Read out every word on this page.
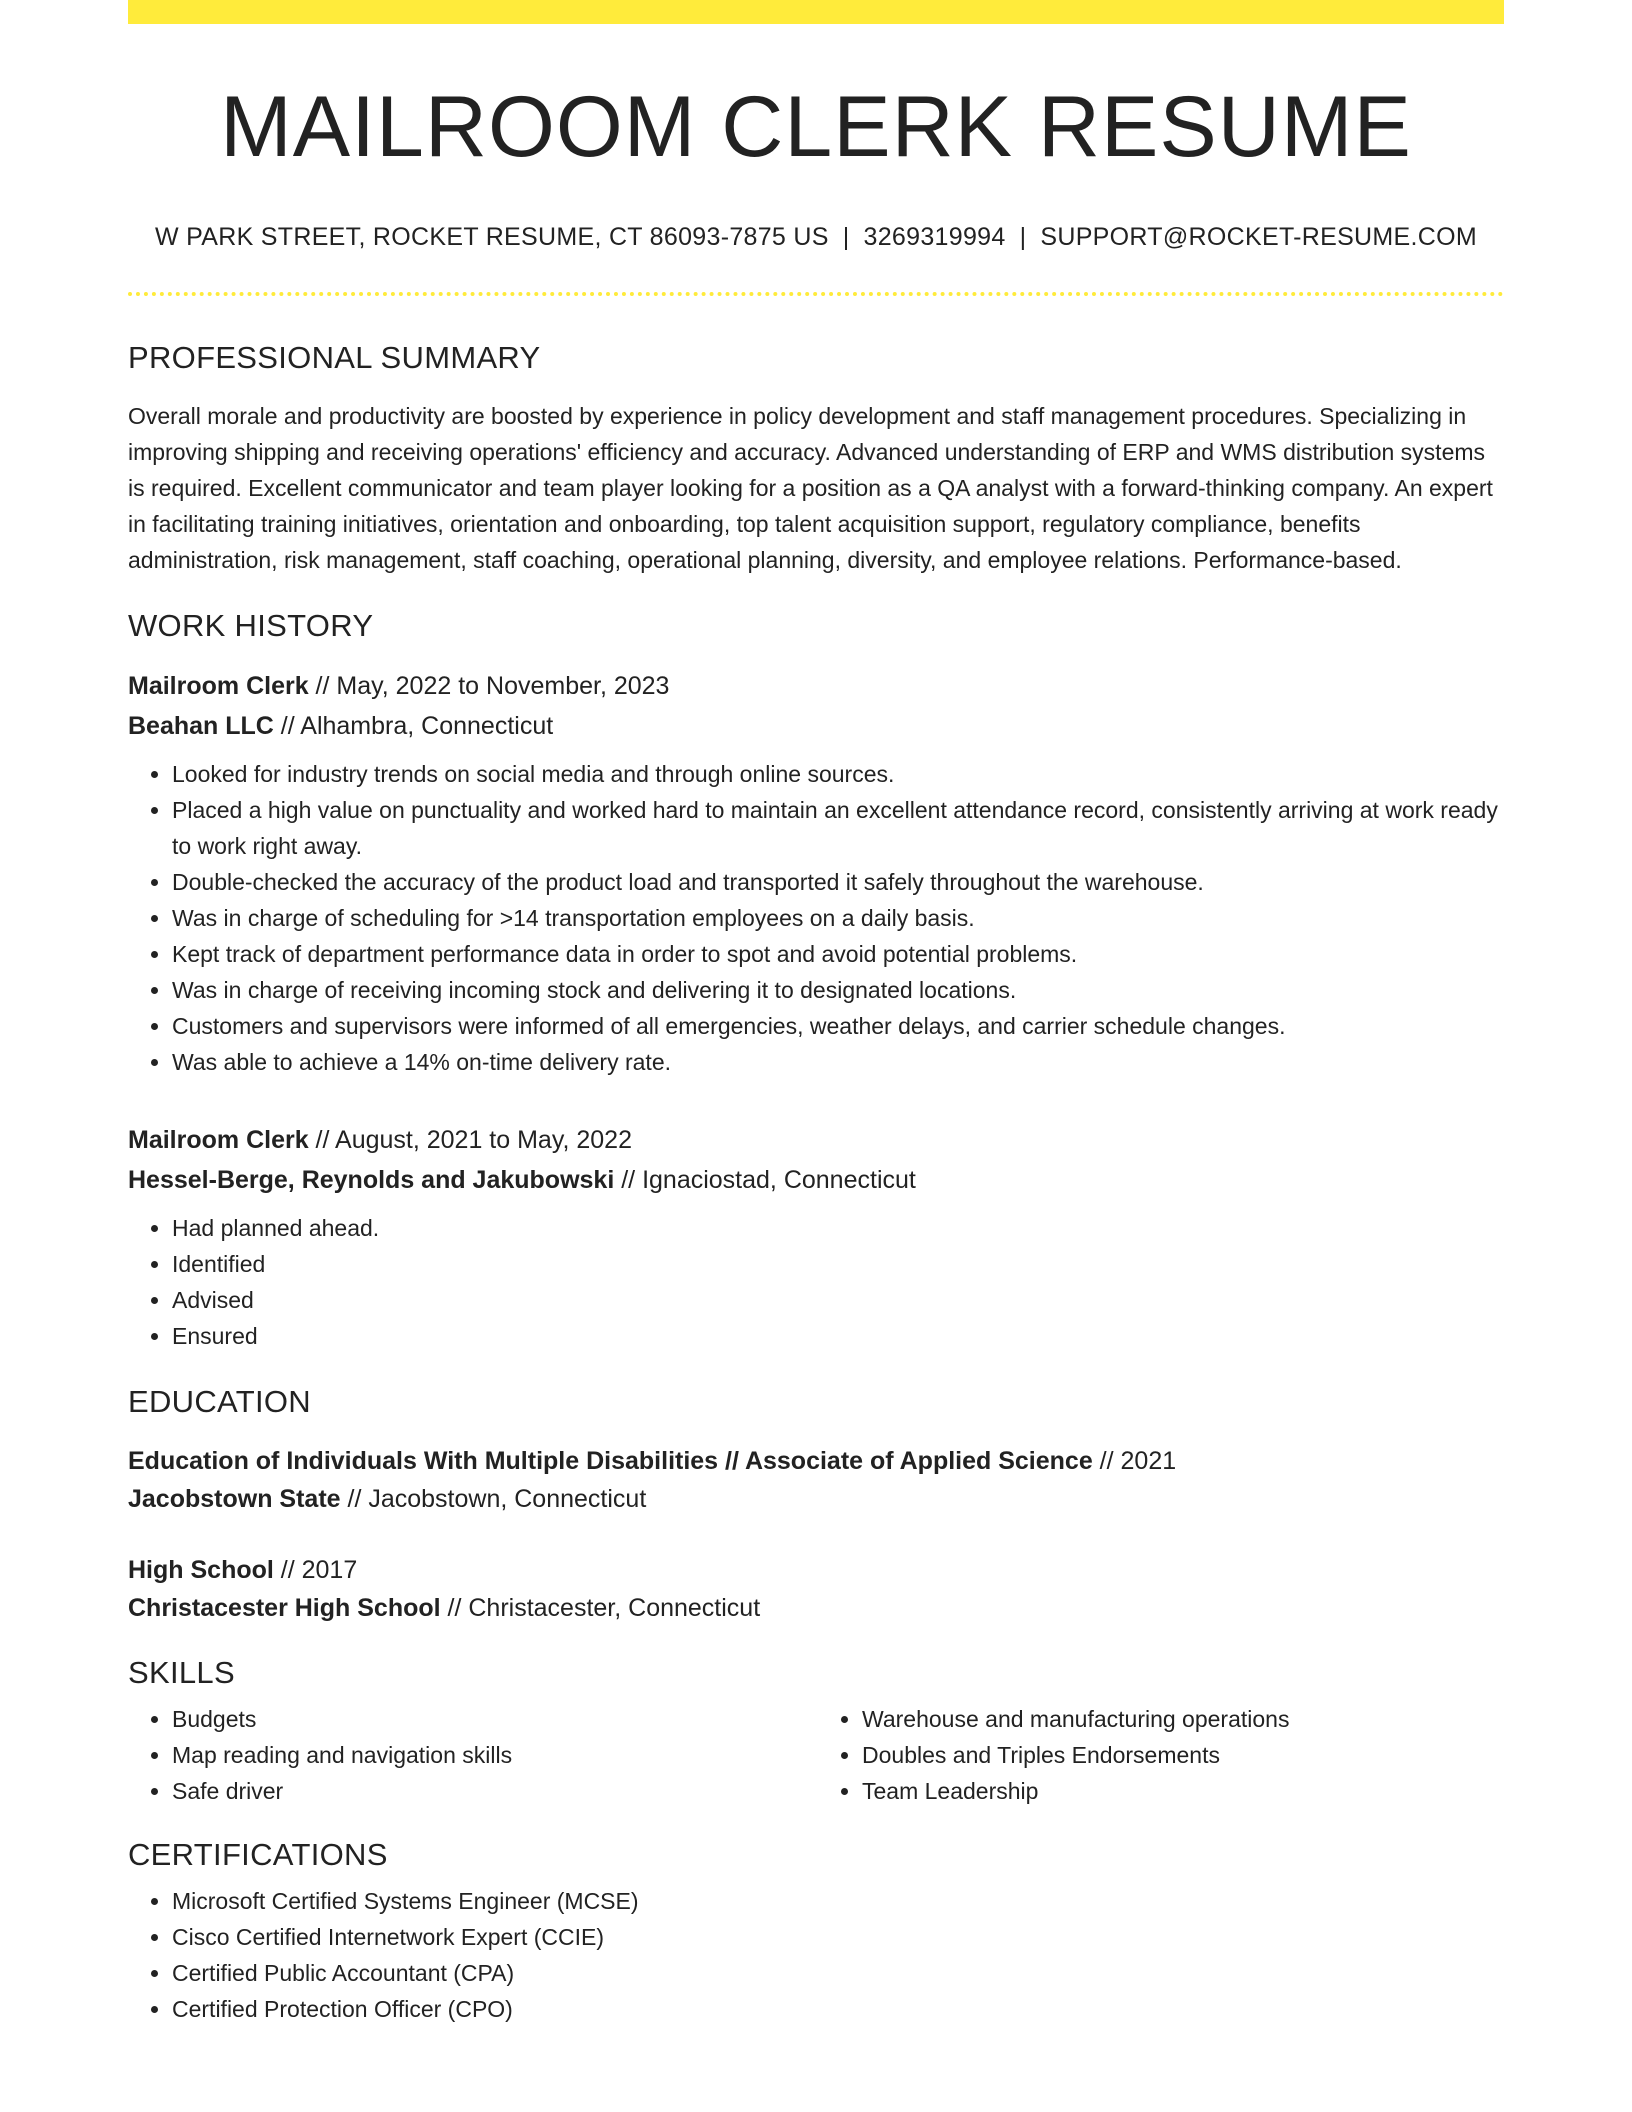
MAILROOM CLERK RESUME
W PARK STREET, ROCKET RESUME, CT 86093-7875 US | 3269319994 | SUPPORT@ROCKET-RESUME.COM
PROFESSIONAL SUMMARY

Overall morale and productivity are boosted by experience in policy development and staff management procedures. Specializing in improving shipping and receiving operations' efficiency and accuracy. Advanced understanding of ERP and WMS distribution systems is required. Excellent communicator and team player looking for a position as a QA analyst with a forward-thinking company. An expert in facilitating training initiatives, orientation and onboarding, top talent acquisition support, regulatory compliance, benefits administration, risk management, staff coaching, operational planning, diversity, and employee relations. Performance-based.

WORK HISTORY
Mailroom Clerk // May, 2022 to November, 2023
Beahan LLC // Alhambra, Connecticut
• Looked for industry trends on social media and through online sources.
• Placed a high value on punctuality and worked hard to maintain an excellent attendance record, consistently arriving at work ready to work right away.
• Double-checked the accuracy of the product load and transported it safely throughout the warehouse.
• Was in charge of scheduling for >14 transportation employees on a daily basis.
• Kept track of department performance data in order to spot and avoid potential problems.
• Was in charge of receiving incoming stock and delivering it to designated locations.
• Customers and supervisors were informed of all emergencies, weather delays, and carrier schedule changes.
• Was able to achieve a 14% on-time delivery rate.
Mailroom Clerk // August, 2021 to May, 2022
Hessel-Berge, Reynolds and Jakubowski // Ignaciostad, Connecticut
• Had planned ahead.
• Identified
• Advised
• Ensured
EDUCATION
Education of Individuals With Multiple Disabilities // Associate of Applied Science // 2021
Jacobstown State // Jacobstown, Connecticut
High School // 2017
Christacester High School // Christacester, Connecticut
SKILLS
• Budgets
• Map reading and navigation skills
• Safe driver
• Warehouse and manufacturing operations
• Doubles and Triples Endorsements
• Team Leadership
CERTIFICATIONS
• Microsoft Certified Systems Engineer (MCSE)
• Cisco Certified Internetwork Expert (CCIE)
• Certified Public Accountant (CPA)
• Certified Protection Officer (CPO)
